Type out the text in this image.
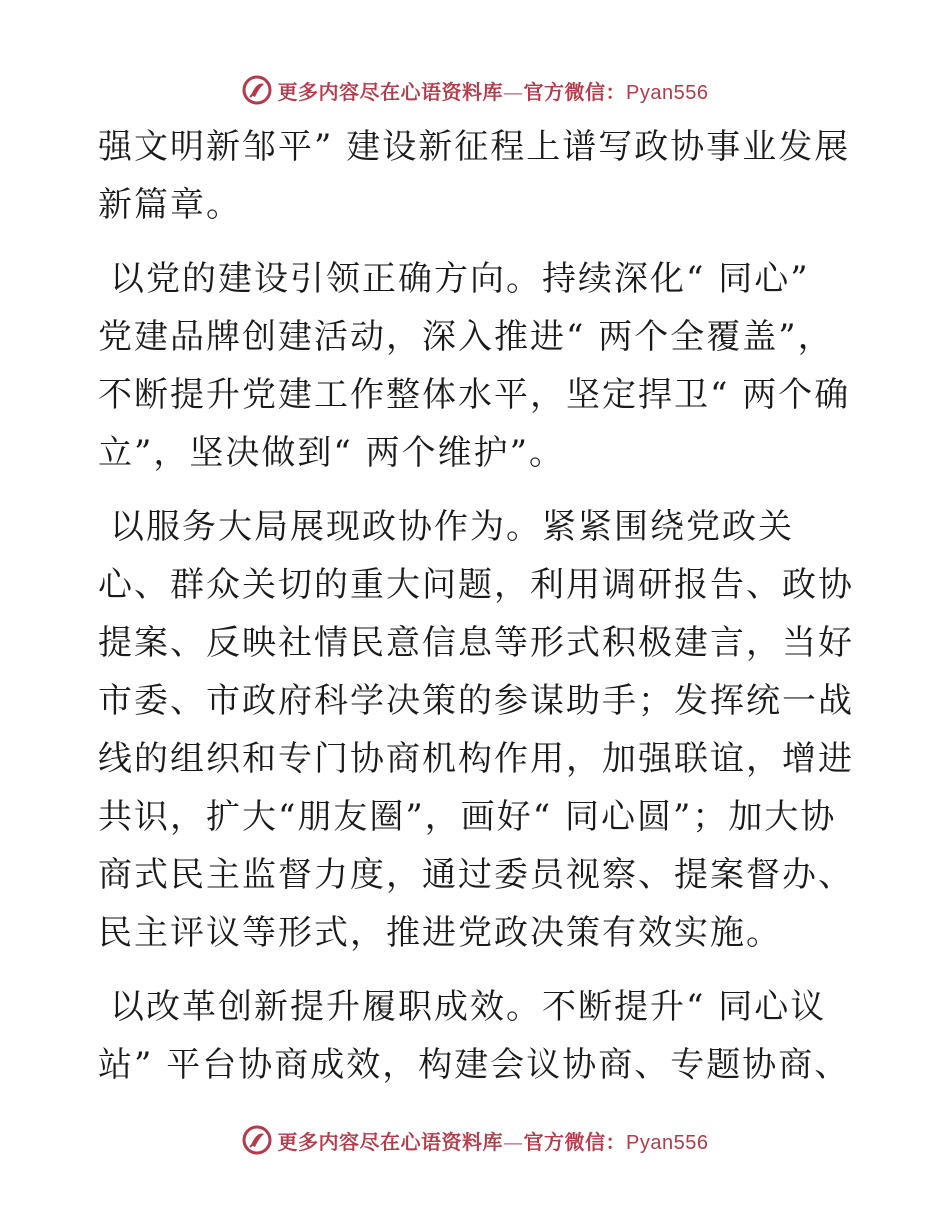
更多内容尽在心语资料库—官方微信：Pyan556

强文明新邹平” 建设新征程上谱写政协事业发展新篇章。

以党的建设引领正确方向。持续深化“ 同心” 党建品牌创建活动，深入推进“ 两个全覆盖”，不断提升党建工作整体水平，坚定捍卫“ 两个确立”，坚决做到“ 两个维护”。

以服务大局展现政协作为。紧紧围绕党政关心、群众关切的重大问题，利用调研报告、政协提案、反映社情民意信息等形式积极建言，当好市委、市政府科学决策的参谋助手；发挥统一战线的组织和专门协商机构作用，加强联谊，增进共识，扩大“朋友圈”，画好“ 同心圆”；加大协商式民主监督力度，通过委员视察、提案督办、民主评议等形式，推进党政决策有效实施。

以改革创新提升履职成效。不断提升“ 同心议站” 平台协商成效，构建会议协商、专题协商、

更多内容尽在心语资料库—官方微信：Pyan556
